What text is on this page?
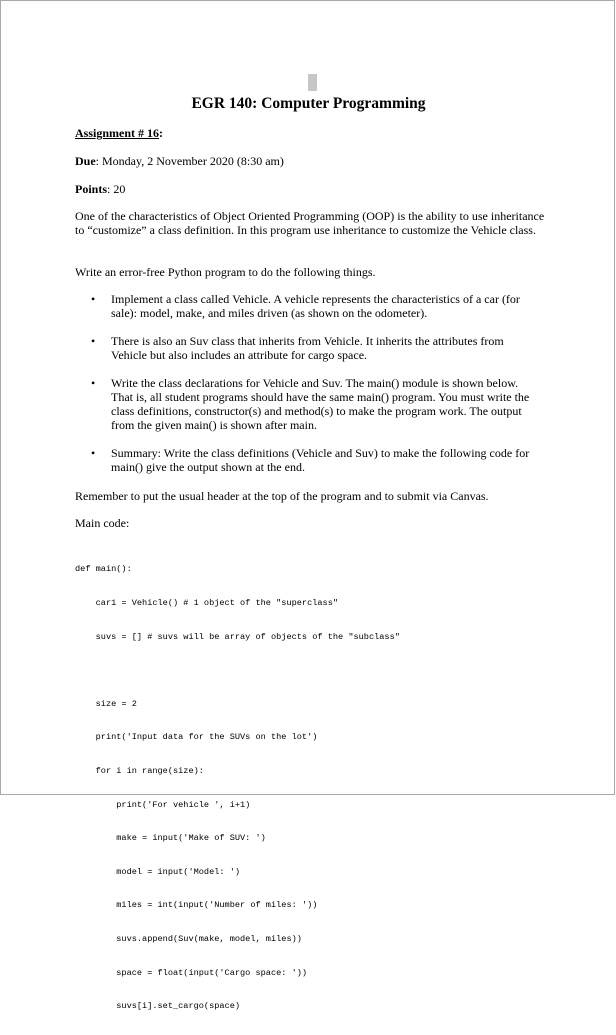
EGR 140: Computer Programming
Assignment # 16:
Due: Monday, 2 November 2020 (8:30 am)
Points: 20
One of the characteristics of Object Oriented Programming (OOP) is the ability to use inheritance to “customize” a class definition. In this program use inheritance to customize the Vehicle class.
Write an error-free Python program to do the following things.
• Implement a class called Vehicle. A vehicle represents the characteristics of a car (for sale): model, make, and miles driven (as shown on the odometer).
• There is also an Suv class that inherits from Vehicle. It inherits the attributes from Vehicle but also includes an attribute for cargo space.
• Write the class declarations for Vehicle and Suv. The main() module is shown below. That is, all student programs should have the same main() program. You must write the class definitions, constructor(s) and method(s) to make the program work. The output from the given main() is shown after main.
• Summary: Write the class definitions (Vehicle and Suv) to make the following code for main() give the output shown at the end.
Remember to put the usual header at the top of the program and to submit via Canvas.
Main code:

def main():

car1 = Vehicle() # 1 object of the "superclass"

suvs = [] # suvs will be array of objects of the "subclass"

size = 2

print('Input data for the SUVs on the lot')

for i in range(size):

print('For vehicle ', i+1)

make = input('Make of SUV: ')

model = input('Model: ')

miles = int(input('Number of miles: '))

suvs.append(Suv(make, model, miles))

space = float(input('Cargo space: '))

suvs[i].set_cargo(space)
